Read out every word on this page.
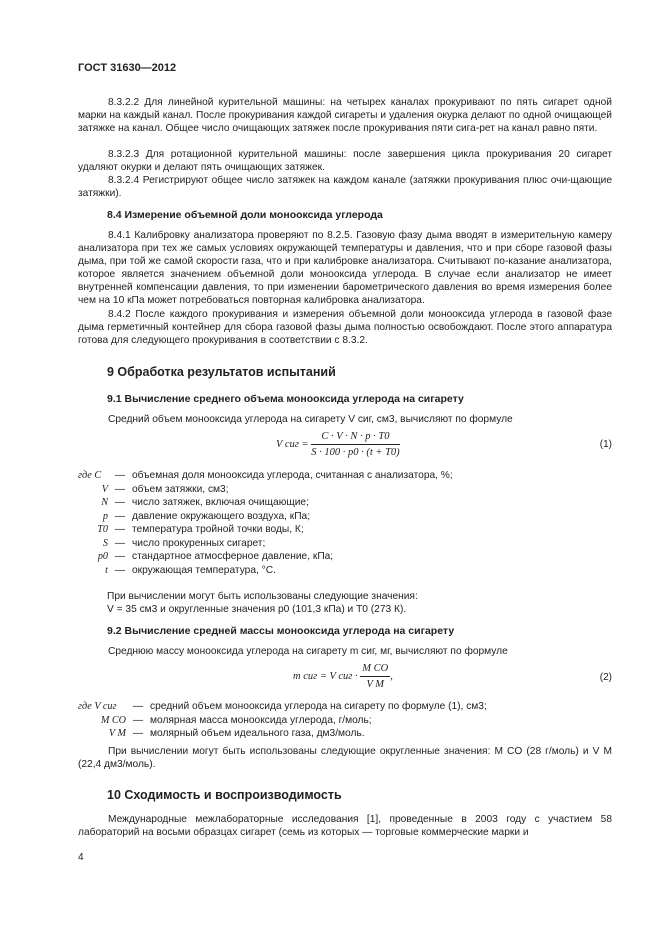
ГОСТ 31630—2012

8.3.2.2 Для линейной курительной машины: на четырех каналах прокуривают по пять сигарет одной марки на каждый канал. После прокуривания каждой сигареты и удаления окурка делают по одной очищающей затяжке на канал. Общее число очищающих затяжек после прокуривания пяти сига-рет на канал равно пяти.

8.3.2.3 Для ротационной курительной машины: после завершения цикла прокуривания 20 сигарет удаляют окурки и делают пять очищающих затяжек.

8.3.2.4 Регистрируют общее число затяжек на каждом канале (затяжки прокуривания плюс очи-щающие затяжки).

8.4 Измерение объемной доли монооксида углерода

8.4.1 Калибровку анализатора проверяют по 8.2.5. Газовую фазу дыма вводят в измерительную камеру анализатора при тех же самых условиях окружающей температуры и давления, что и при сборе газовой фазы дыма, при той же самой скорости газа, что и при калибровке анализатора. Считывают по-казание анализатора, которое является значением объемной доли монооксида углерода. В случае если анализатор не имеет внутренней компенсации давления, то при изменении барометрического давления во время измерения более чем на 10 кПа может потребоваться повторная калибровка анализатора.

8.4.2 После каждого прокуривания и измерения объемной доли монооксида углерода в газовой фазе дыма герметичный контейнер для сбора газовой фазы дыма полностью освобождают. После этого аппаратура готова для следующего прокуривания в соответствии с 8.3.2.

9 Обработка результатов испытаний
9.1 Вычисление среднего объема монооксида углерода на сигарету

Средний объем монооксида углерода на сигарету V сиг, см3, вычисляют по формуле

V сиг = $\frac{C \cdot V \cdot N \cdot p \cdot T0}{S \cdot 100 \cdot p0 \cdot (t + T0)}$	(1)
где C	— объемная доля монооксида углерода, считанная с анализатора, %;
V — объем затяжки, см3;
N — число затяжек, включая очищающие;
p — давление окружающего воздуха, кПа;
T0 — температура тройной точки воды, К;
S — число прокуренных сигарет;
p0 — стандартное атмосферное давление, кПа;
t — окружающая температура, °С.

При вычислении могут быть использованы следующие значения:

V = 35 см3 и округленные значения p0 (101,3 кПа) и T0 (273 К).

9.2 Вычисление средней массы монооксида углерода на сигарету

Среднюю массу монооксида углерода на сигарету m сиг, мг, вычисляют по формуле

m сиг = V сиг · $\frac{\text{M CO}}{\text{V M}}$ ,	(2)
где V сиг	— средний объем монооксида углерода на сигарету по формуле (1), см3;
M CO — молярная масса монооксида углерода, г/моль;
V M — молярный объем идеального газа, дм3/моль.

При вычислении могут быть использованы следующие округленные значения: M CO (28 г/моль) и V M (22,4 дм3/моль).

10 Сходимость и воспроизводимость

Международные межлабораторные исследования [1], проведенные в 2003 году с участием 58 лабораторий на восьми образцах сигарет (семь из которых — торговые коммерческие марки и

4
